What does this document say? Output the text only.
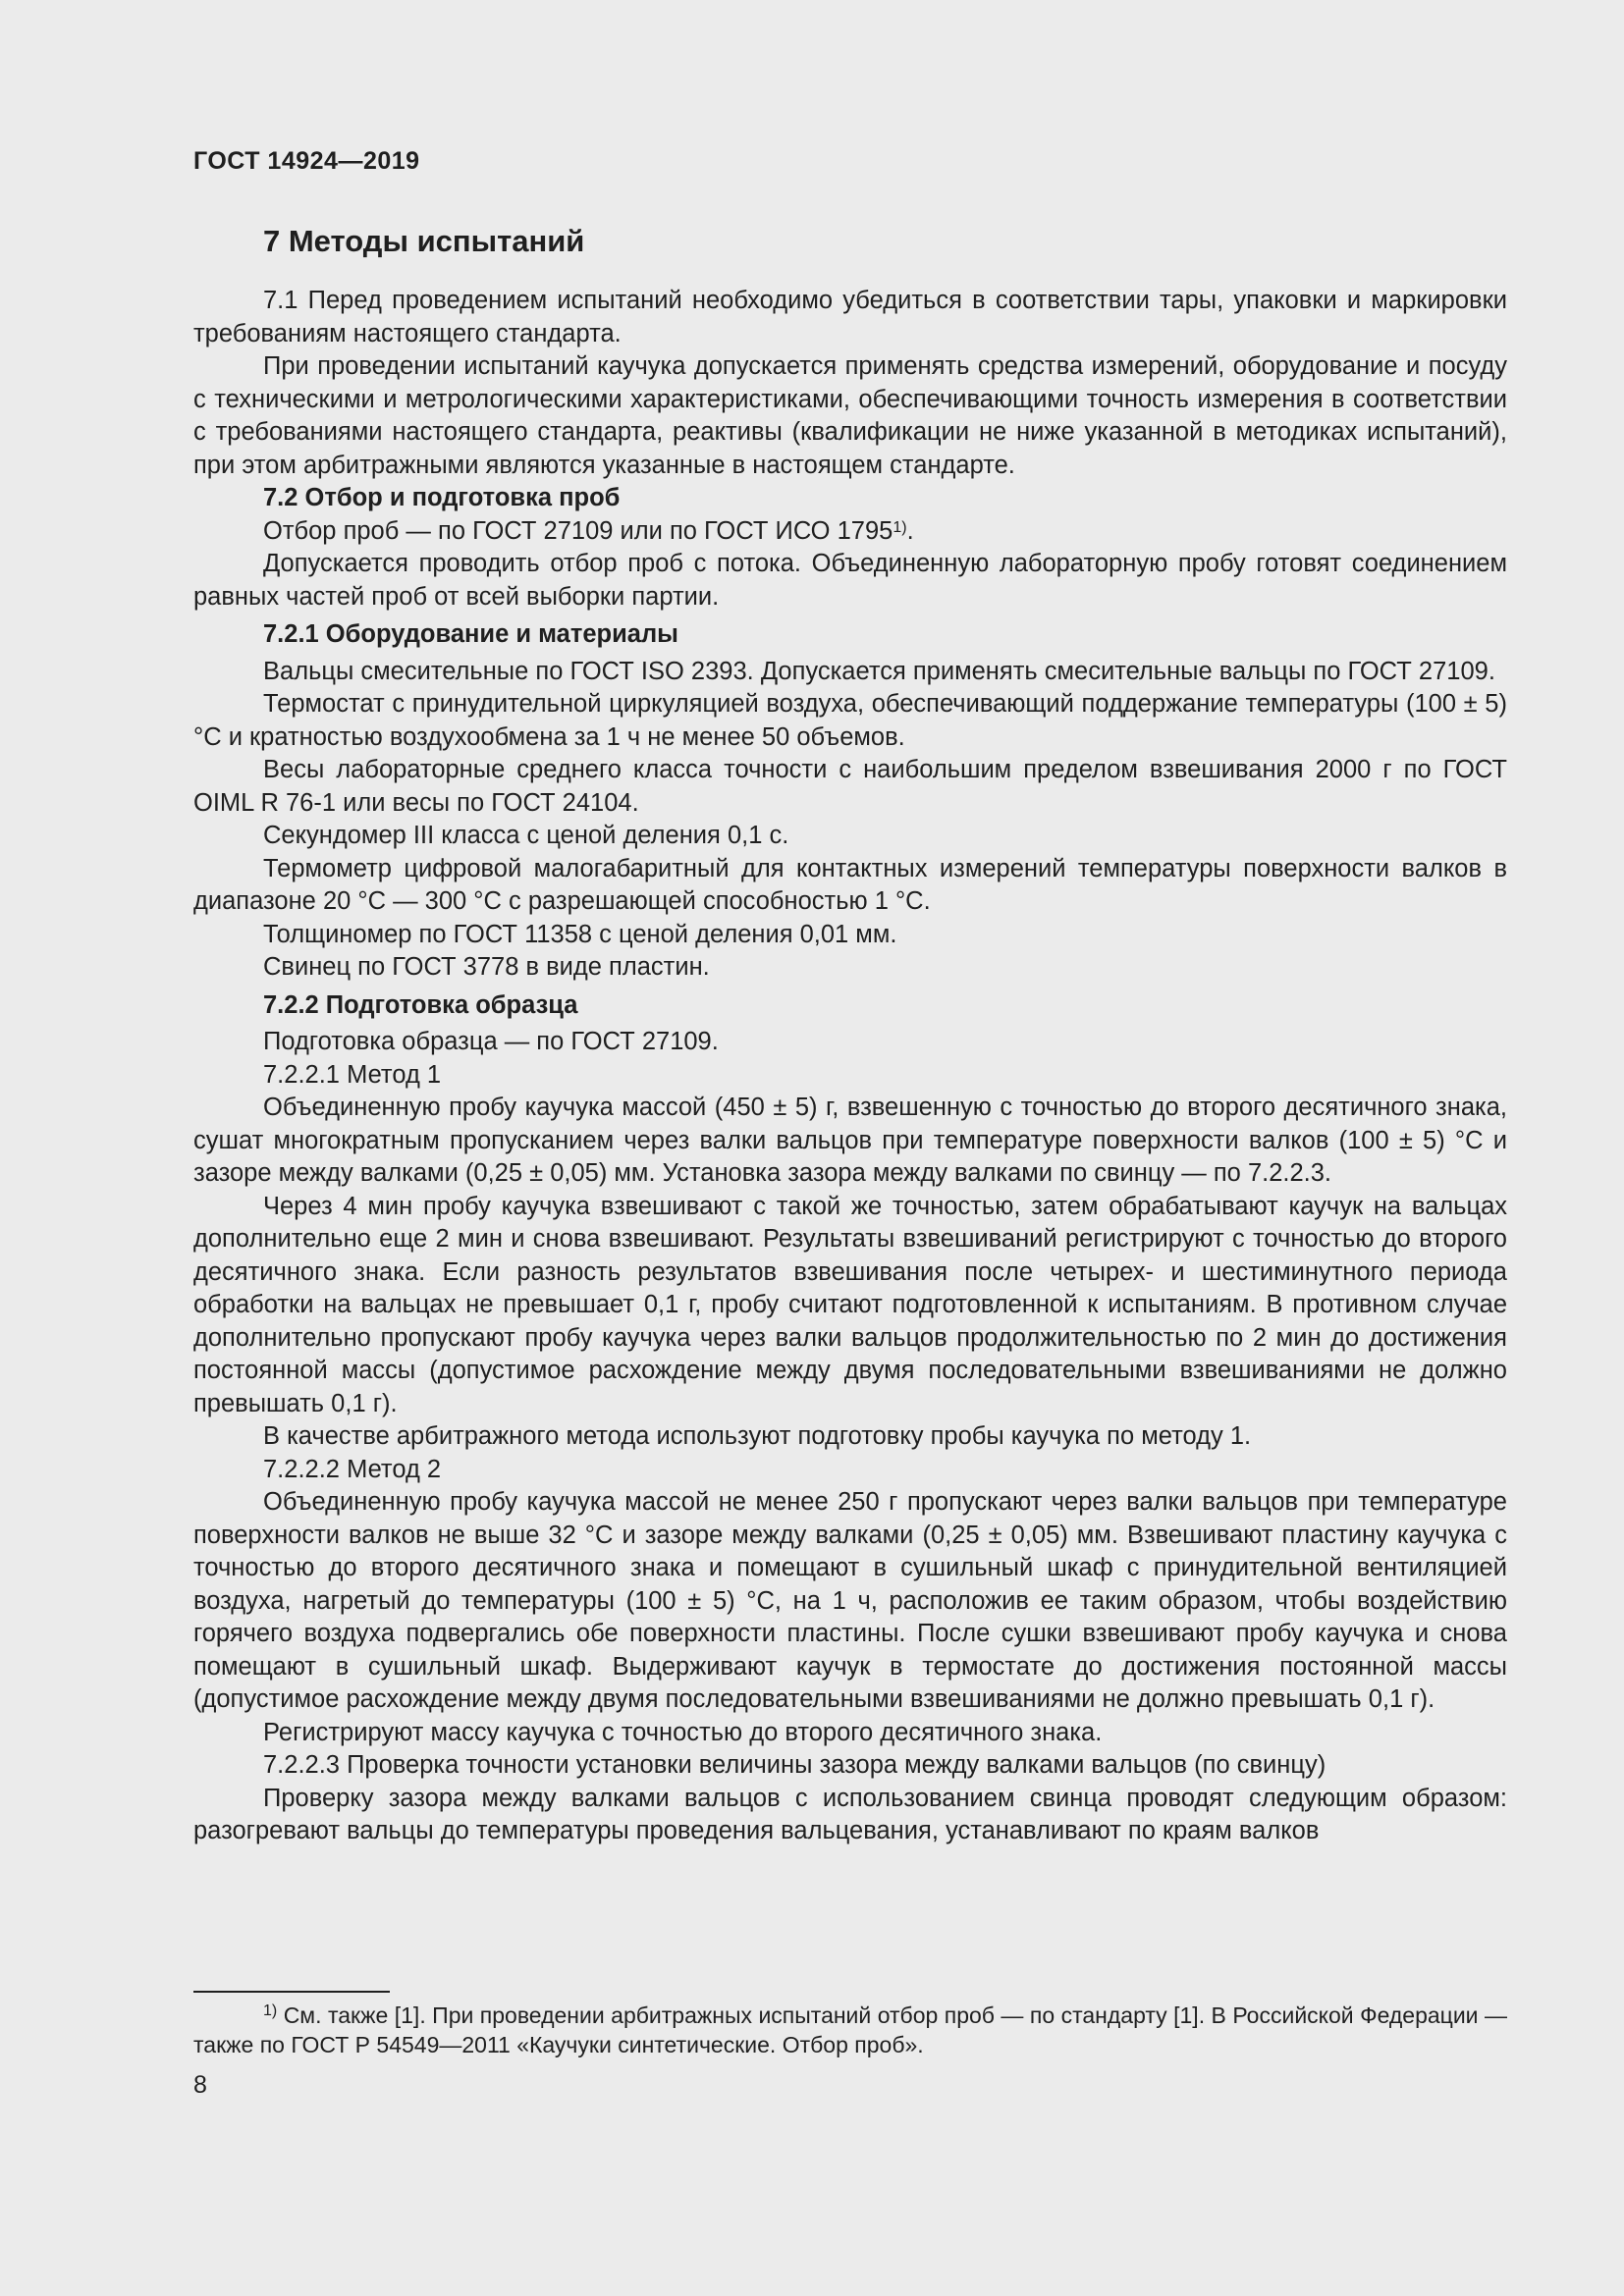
ГОСТ 14924—2019
7 Методы испытаний

7.1 Перед проведением испытаний необходимо убедиться в соответствии тары, упаковки и маркировки требованиям настоящего стандарта.

При проведении испытаний каучука допускается применять средства измерений, оборудование и посуду с техническими и метрологическими характеристиками, обеспечивающими точность измерения в соответствии с требованиями настоящего стандарта, реактивы (квалификации не ниже указанной в методиках испытаний), при этом арбитражными являются указанные в настоящем стандарте.

7.2 Отбор и подготовка проб

Отбор проб — по ГОСТ 27109 или по ГОСТ ИСО 1795$^{1)}$.

Допускается проводить отбор проб с потока. Объединенную лабораторную пробу готовят соединением равных частей проб от всей выборки партии.

7.2.1 Оборудование и материалы

Вальцы смесительные по ГОСТ ISO 2393. Допускается применять смесительные вальцы по ГОСТ 27109.

Термостат с принудительной циркуляцией воздуха, обеспечивающий поддержание температуры (100 ± 5) °С и кратностью воздухообмена за 1 ч не менее 50 объемов.

Весы лабораторные среднего класса точности с наибольшим пределом взвешивания 2000 г по ГОСТ OIML R 76-1 или весы по ГОСТ 24104.

Секундомер III класса с ценой деления 0,1 с.

Термометр цифровой малогабаритный для контактных измерений температуры поверхности валков в диапазоне 20 °С — 300 °С с разрешающей способностью 1 °С.

Толщиномер по ГОСТ 11358 с ценой деления 0,01 мм.

Свинец по ГОСТ 3778 в виде пластин.

7.2.2 Подготовка образца

Подготовка образца — по ГОСТ 27109.

7.2.2.1 Метод 1

Объединенную пробу каучука массой (450 ± 5) г, взвешенную с точностью до второго десятичного знака, сушат многократным пропусканием через валки вальцов при температуре поверхности валков (100 ± 5) °С и зазоре между валками (0,25 ± 0,05) мм. Установка зазора между валками по свинцу — по 7.2.2.3.

Через 4 мин пробу каучука взвешивают с такой же точностью, затем обрабатывают каучук на вальцах дополнительно еще 2 мин и снова взвешивают. Результаты взвешиваний регистрируют с точностью до второго десятичного знака. Если разность результатов взвешивания после четырех- и шестиминутного периода обработки на вальцах не превышает 0,1 г, пробу считают подготовленной к испытаниям. В противном случае дополнительно пропускают пробу каучука через валки вальцов продолжительностью по 2 мин до достижения постоянной массы (допустимое расхождение между двумя последовательными взвешиваниями не должно превышать 0,1 г).

В качестве арбитражного метода используют подготовку пробы каучука по методу 1.

7.2.2.2 Метод 2

Объединенную пробу каучука массой не менее 250 г пропускают через валки вальцов при температуре поверхности валков не выше 32 °С и зазоре между валками (0,25 ± 0,05) мм. Взвешивают пластину каучука с точностью до второго десятичного знака и помещают в сушильный шкаф с принудительной вентиляцией воздуха, нагретый до температуры (100 ± 5) °С, на 1 ч, расположив ее таким образом, чтобы воздействию горячего воздуха подвергались обе поверхности пластины. После сушки взвешивают пробу каучука и снова помещают в сушильный шкаф. Выдерживают каучук в термостате до достижения постоянной массы (допустимое расхождение между двумя последовательными взвешиваниями не должно превышать 0,1 г).

Регистрируют массу каучука с точностью до второго десятичного знака.

7.2.2.3 Проверка точности установки величины зазора между валками вальцов (по свинцу)

Проверку зазора между валками вальцов с использованием свинца проводят следующим образом: разогревают вальцы до температуры проведения вальцевания, устанавливают по краям валков

$^{1)}$ См. также [1]. При проведении арбитражных испытаний отбор проб — по стандарту [1]. В Российской Федерации — также по ГОСТ Р 54549—2011 «Каучуки синтетические. Отбор проб».
8
